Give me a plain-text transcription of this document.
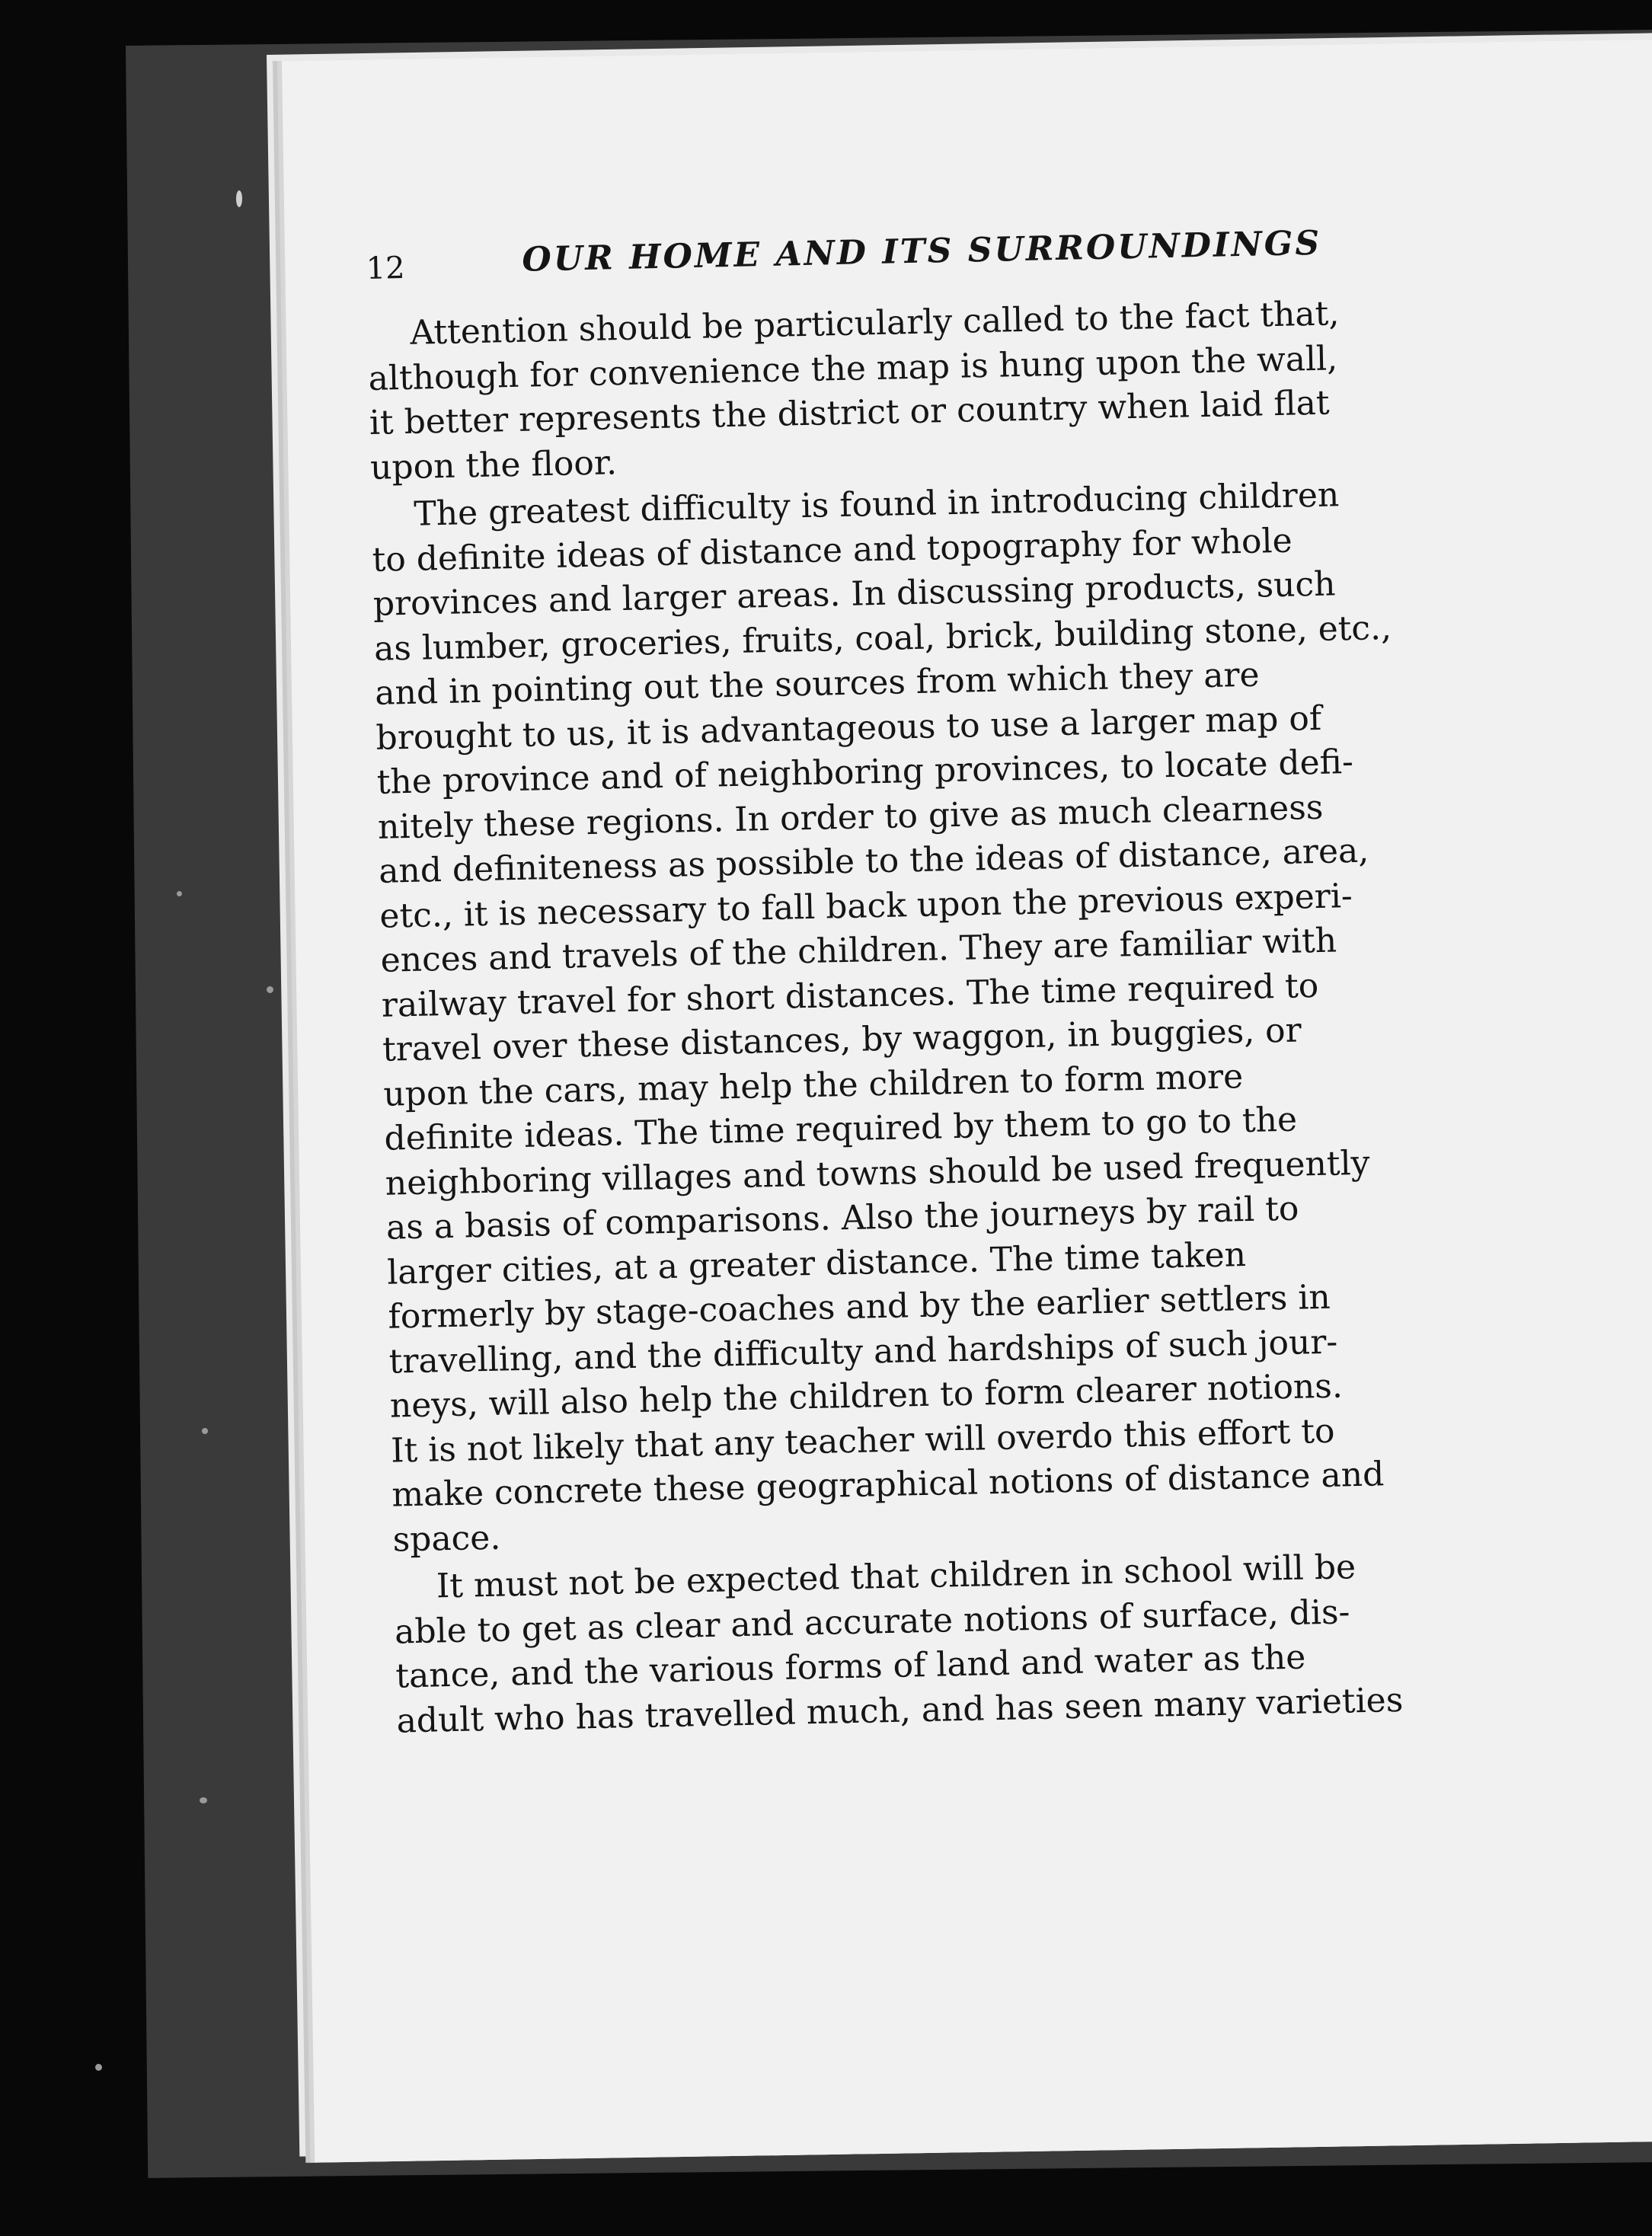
12	OUR HOME AND ITS SURROUNDINGS

Attention should be particularly called to the fact that,
although for convenience the map is hung upon the wall,
it better represents the district or country when laid flat
upon the floor.

The greatest difficulty is found in introducing children
to definite ideas of distance and topography for whole
provinces and larger areas. In discussing products, such
as lumber, groceries, fruits, coal, brick, building stone, etc.,
and in pointing out the sources from which they are
brought to us, it is advantageous to use a larger map of
the province and of neighboring provinces, to locate defi-
nitely these regions. In order to give as much clearness
and definiteness as possible to the ideas of distance, area,
etc., it is necessary to fall back upon the previous experi-
ences and travels of the children. They are familiar with
railway travel for short distances. The time required to
travel over these distances, by waggon, in buggies, or
upon the cars, may help the children to form more
definite ideas. The time required by them to go to the
neighboring villages and towns should be used frequently
as a basis of comparisons. Also the journeys by rail to
larger cities, at a greater distance. The time taken
formerly by stage-coaches and by the earlier settlers in
travelling, and the difficulty and hardships of such jour-
neys, will also help the children to form clearer notions.
It is not likely that any teacher will overdo this effort to
make concrete these geographical notions of distance and
space.

It must not be expected that children in school will be
able to get as clear and accurate notions of surface, dis-
tance, and the various forms of land and water as the
adult who has travelled much, and has seen many varieties
